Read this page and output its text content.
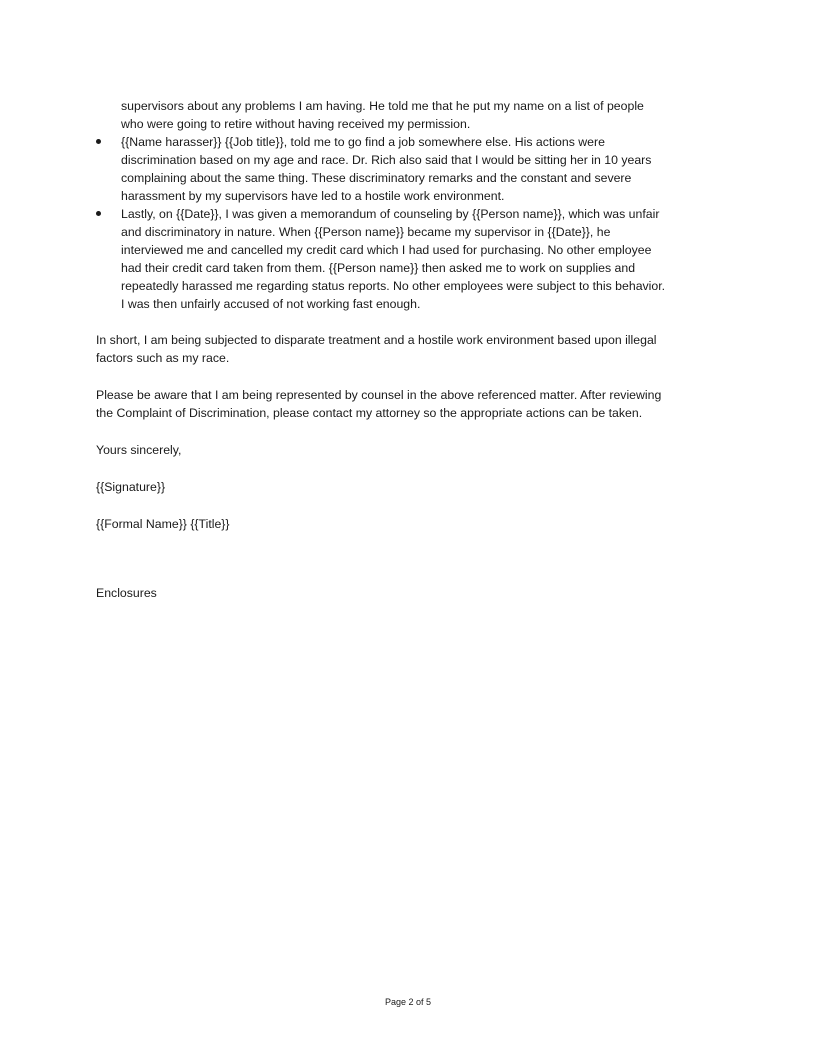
supervisors about any problems I am having. He told me that he put my name on a list of people
who were going to retire without having received my permission.
{{Name harasser}} {{Job title}}, told me to go find a job somewhere else. His actions were
discrimination based on my age and race. Dr. Rich also said that I would be sitting her in 10 years
complaining about the same thing. These discriminatory remarks and the constant and severe
harassment by my supervisors have led to a hostile work environment.
Lastly, on {{Date}}, I was given a memorandum of counseling by {{Person name}}, which was unfair
and discriminatory in nature. When {{Person name}} became my supervisor in {{Date}}, he
interviewed me and cancelled my credit card which I had used for purchasing. No other employee
had their credit card taken from them. {{Person name}} then asked me to work on supplies and
repeatedly harassed me regarding status reports. No other employees were subject to this behavior.
I was then unfairly accused of not working fast enough.
In short, I am being subjected to disparate treatment and a hostile work environment based upon illegal
factors such as my race.
Please be aware that I am being represented by counsel in the above referenced matter. After reviewing
the Complaint of Discrimination, please contact my attorney so the appropriate actions can be taken.
Yours sincerely,
{{Signature}}
{{Formal Name}} {{Title}}
Enclosures
Page 2 of 5
